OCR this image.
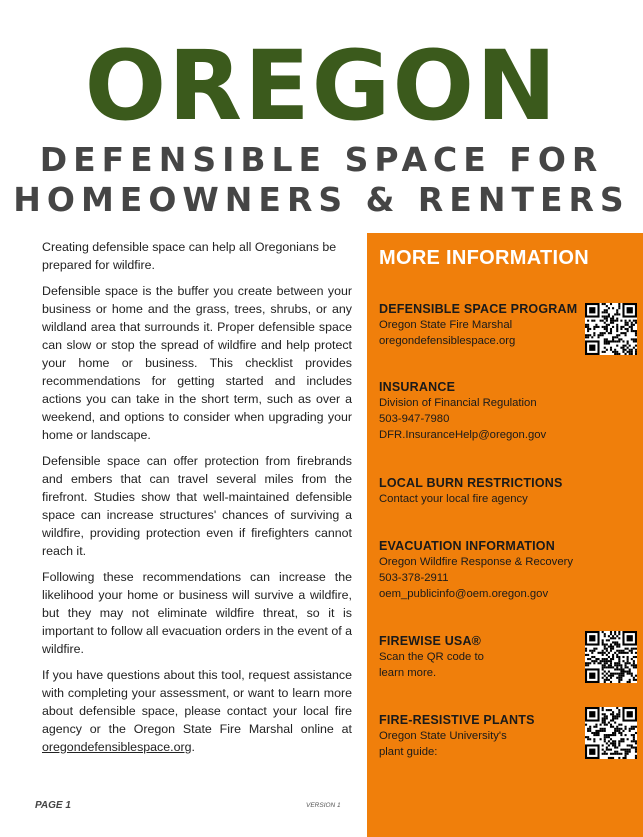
OREGON
DEFENSIBLE SPACE FOR
HOMEOWNERS & RENTERS

Creating defensible space can help all Oregonians be prepared for wildfire.

Defensible space is the buffer you create between your business or home and the grass, trees, shrubs, or any wildland area that surrounds it. Proper defensible space can slow or stop the spread of wildfire and help protect your home or business. This checklist provides recommendations for getting started and includes actions you can take in the short term, such as over a weekend, and options to consider when upgrading your home or landscape.

Defensible space can offer protection from firebrands and embers that can travel several miles from the firefront. Studies show that well-maintained defensible space can increase structures' chances of surviving a wildfire, providing protection even if firefighters cannot reach it.

Following these recommendations can increase the likelihood your home or business will survive a wildfire, but they may not eliminate wildfire threat, so it is important to follow all evacuation orders in the event of a wildfire.

If you have questions about this tool, request assistance with completing your assessment, or want to learn more about defensible space, please contact your local fire agency or the Oregon State Fire Marshal online at oregondefensiblespace.org.

MORE INFORMATION
DEFENSIBLE SPACE PROGRAM
Oregon State Fire Marshal
oregondefensiblespace.org
INSURANCE
Division of Financial Regulation
503-947-7980
DFR.InsuranceHelp@oregon.gov
LOCAL BURN RESTRICTIONS
Contact your local fire agency
EVACUATION INFORMATION
Oregon Wildfire Response & Recovery
503-378-2911
oem_publicinfo@oem.oregon.gov
FIREWISE USA®
Scan the QR code to
learn more.
FIRE-RESISTIVE PLANTS
Oregon State University's
plant guide:
PAGE 1	VERSION 1
